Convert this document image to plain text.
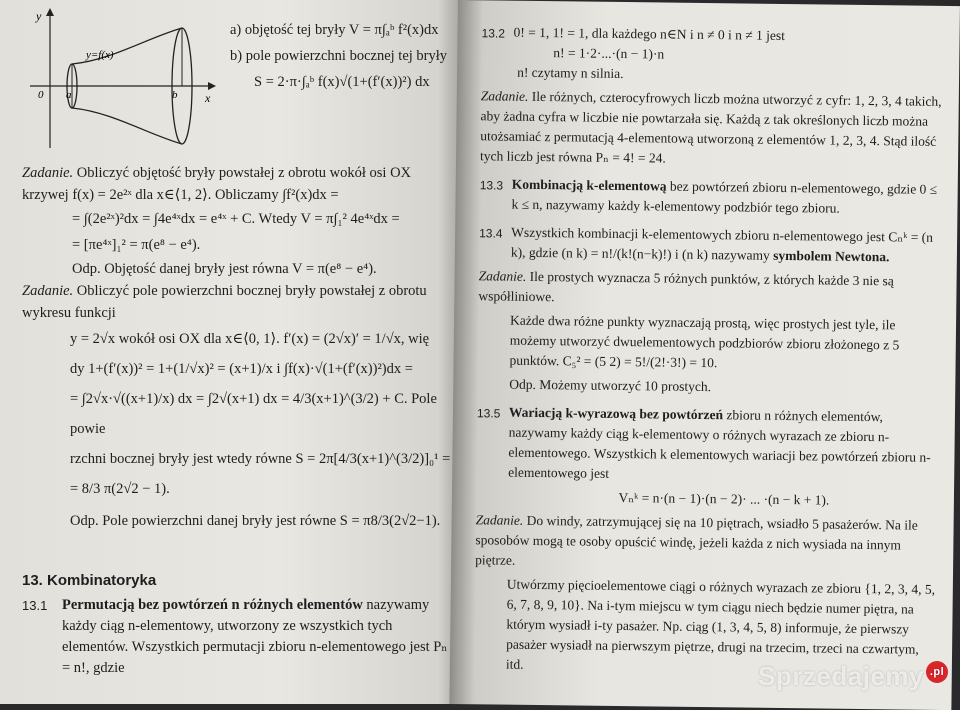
y
x
0
y=f(x)
a	b

a) objętość tej bryły V = π∫ₐᵇ f²(x)dx

b) pole powierzchni bocznej tej bryły

S = 2·π·∫ₐᵇ f(x)√(1+(f′(x))²) dx

Zadanie. Obliczyć objętość bryły powstałej z obrotu wokół osi OX krzywej f(x) = 2e²ˣ dla x∈⟨1, 2⟩. Obliczamy ∫f²(x)dx =

= ∫(2e²ˣ)²dx = ∫4e⁴ˣdx = e⁴ˣ + C. Wtedy V = π∫₁² 4e⁴ˣdx =

= [πe⁴ˣ]₁² = π(e⁸ − e⁴).

Odp. Objętość danej bryły jest równa V = π(e⁸ − e⁴).

Zadanie. Obliczyć pole powierzchni bocznej bryły powstałej z obrotu wykresu funkcji

y = 2√x wokół osi OX dla x∈⟨0, 1⟩. f′(x) = (2√x)′ = 1/√x, wię

dy 1+(f′(x))² = 1+(1/√x)² = (x+1)/x i ∫f(x)·√(1+(f′(x))²)dx =

= ∫2√x·√((x+1)/x) dx = ∫2√(x+1) dx = 4/3(x+1)^(3/2) + C. Pole powie

rzchni bocznej bryły jest wtedy równe S = 2π[4/3(x+1)^(3/2)]₀¹ =

= 8/3 π(2√2 − 1).

Odp. Pole powierzchni danej bryły jest równe S = π8/3(2√2−1).

13. Kombinatoryka
13.1	Permutacją bez powtórzeń n różnych elementów nazywamy każdy ciąg n-elementowy, utworzony ze wszystkich tych elementów. Wszystkich permutacji zbioru n-elementowego jest Pₙ = n!, gdzie
13.2 0! = 1, 1! = 1, dla każdego n∈N i n ≠ 0 i n ≠ 1 jest
n! = 1·2·...·(n − 1)·n
n! czytamy n silnia.

Zadanie. Ile różnych, czterocyfrowych liczb można utworzyć z cyfr: 1, 2, 3, 4 takich, aby żadna cyfra w liczbie nie powtarzała się. Każdą z tak określonych liczb można utożsamiać z permutacją 4-elementową utworzoną z elementów 1, 2, 3, 4. Stąd ilość tych liczb jest równa Pₙ = 4! = 24.

13.3 Kombinacją k-elementową bez powtórzeń zbioru n-elementowego, gdzie 0 ≤ k ≤ n, nazywamy każdy k-elementowy podzbiór tego zbioru.
13.4 Wszystkich kombinacji k-elementowych zbioru n-elementowego jest Cₙᵏ = (n k), gdzie (n k) = n!/(k!(n−k)!) i (n k) nazywamy symbolem Newtona.

Zadanie. Ile prostych wyznacza 5 różnych punktów, z których każde 3 nie są współliniowe.

Każde dwa różne punkty wyznaczają prostą, więc prostych jest tyle, ile możemy utworzyć dwuelementowych podzbiorów zbioru złożonego z 5 punktów. C₅² = (5 2) = 5!/(2!·3!) = 10.

Odp. Możemy utworzyć 10 prostych.

13.5 Wariacją k-wyrazową bez powtórzeń zbioru n różnych elementów, nazywamy każdy ciąg k-elementowy o różnych wyrazach ze zbioru n-elementowego. Wszystkich k elementowych wariacji bez powtórzeń zbioru n-elementowego jest
Vₙᵏ = n·(n − 1)·(n − 2)· ... ·(n − k + 1).

Zadanie. Do windy, zatrzymującej się na 10 piętrach, wsiadło 5 pasażerów. Na ile sposobów mogą te osoby opuścić windę, jeżeli każda z nich wysiada na innym piętrze.

Utwórzmy pięcioelementowe ciągi o różnych wyrazach ze zbioru {1, 2, 3, 4, 5, 6, 7, 8, 9, 10}. Na i-tym miejscu w tym ciągu niech będzie numer piętra, na którym wysiadł i-ty pasażer. Np. ciąg (1, 3, 4, 5, 8) informuje, że pierwszy pasażer wysiadł na pierwszym piętrze, drugi na trzecim, trzeci na czwartym, itd.	Sprzedajemy .pl
